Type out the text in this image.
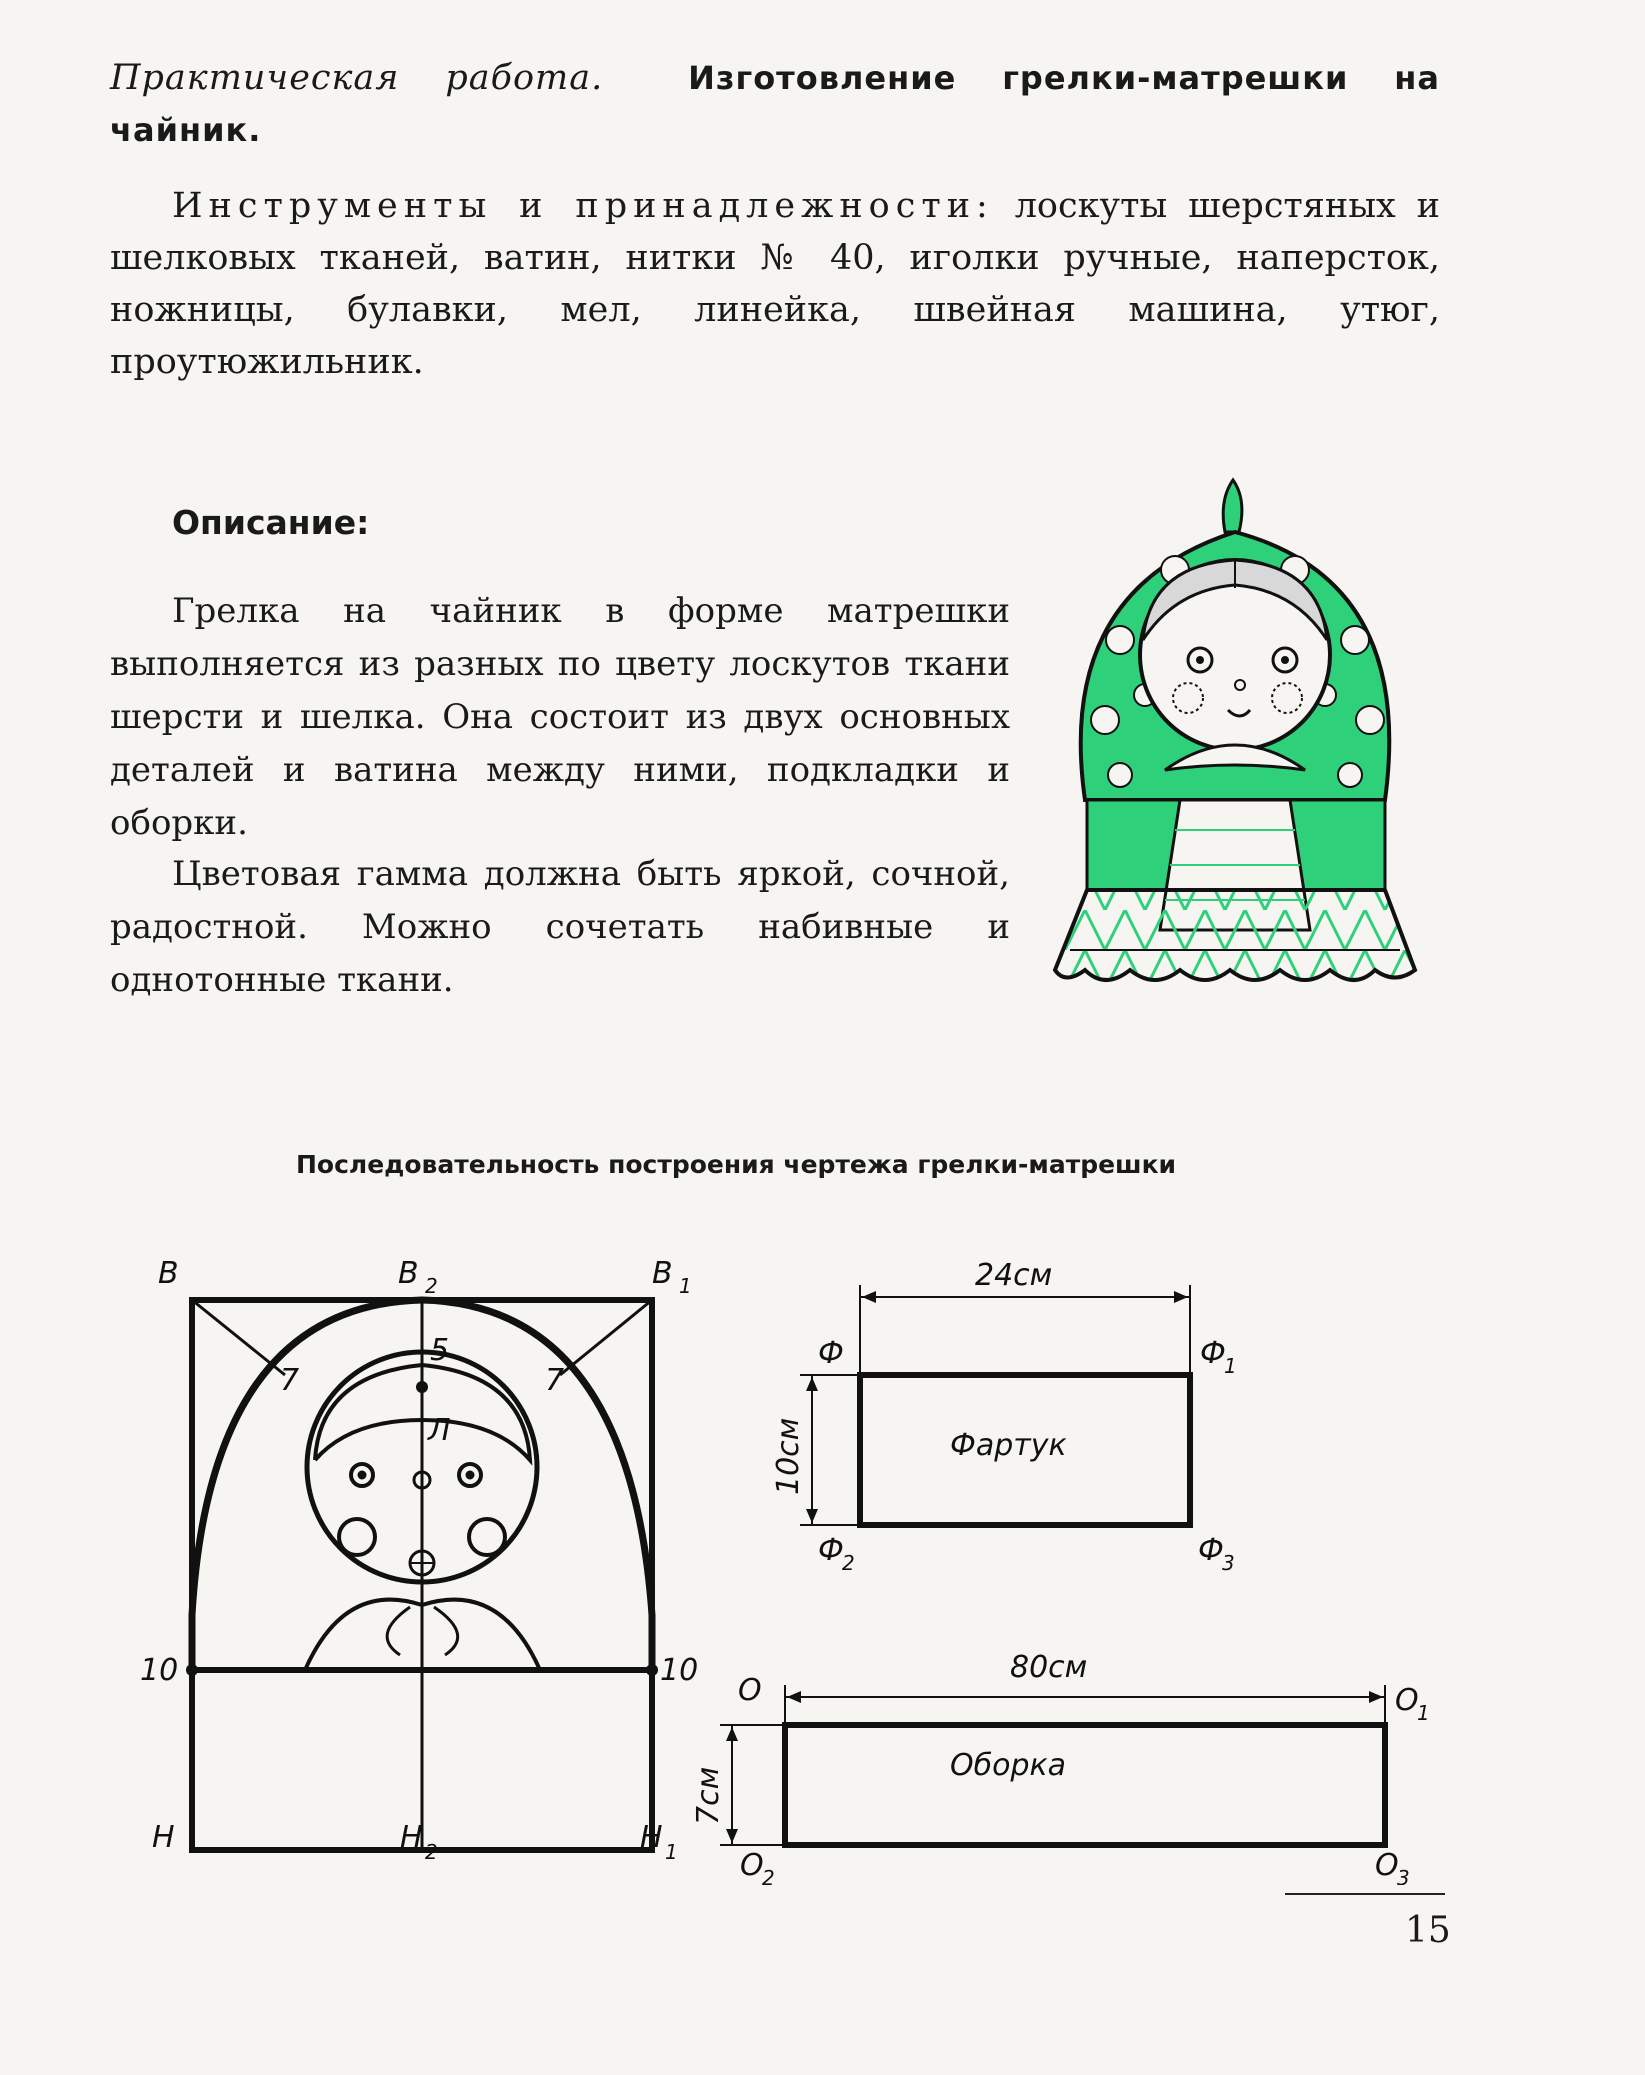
Практическая работа.	Изготовление грелки-матрешки на чайник.
Инструменты и принадлежности: лоскуты шерстяных и шелковых тканей, ватин, нитки № 40, иголки ручные, наперсток, ножницы, булавки, мел, линейка, швейная машина, утюг, проутюжильник.
Описание:
Грелка на чайник в форме матрешки выполняется из разных по цвету лоскутов ткани шерсти и шелка. Она состоит из двух основных деталей и ватина между ними, подкладки и оборки.
Цветовая гамма должна быть яркой, сочной, радостной. Можно сочетать набивные и однотонные ткани.
Последовательность построения чертежа грелки-матрешки
В	В 2	В 1
5
7	7
Л
10	10
Н	Н 2	Н 1
24см
Ф	Ф
1
Фартук
10см
Ф
2	Ф
3
80см
О	О
1
Оборка
7см
О
2	О
3
15
